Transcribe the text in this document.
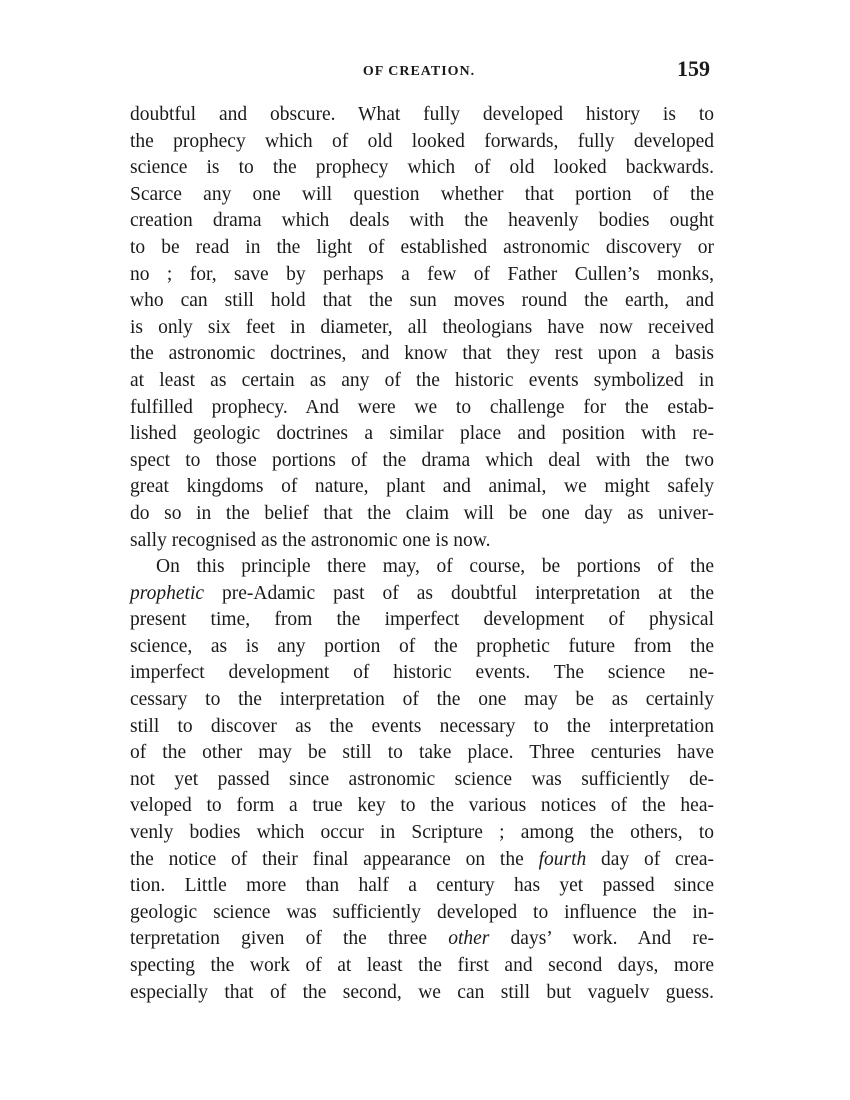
OF CREATION.	159
doubtful and obscure. What fully developed history is to
the prophecy which of old looked forwards, fully developed
science is to the prophecy which of old looked backwards.
Scarce any one will question whether that portion of the
creation drama which deals with the heavenly bodies ought
to be read in the light of established astronomic discovery or
no ; for, save by perhaps a few of Father Cullen’s monks,
who can still hold that the sun moves round the earth, and
is only six feet in diameter, all theologians have now received
the astronomic doctrines, and know that they rest upon a basis
at least as certain as any of the historic events symbolized in
fulfilled prophecy. And were we to challenge for the estab-
lished geologic doctrines a similar place and position with re-
spect to those portions of the drama which deal with the two
great kingdoms of nature, plant and animal, we might safely
do so in the belief that the claim will be one day as univer-
sally recognised as the astronomic one is now.
On this principle there may, of course, be portions of the
prophetic pre-Adamic past of as doubtful interpretation at the
present time, from the imperfect development of physical
science, as is any portion of the prophetic future from the
imperfect development of historic events. The science ne-
cessary to the interpretation of the one may be as certainly
still to discover as the events necessary to the interpretation
of the other may be still to take place. Three centuries have
not yet passed since astronomic science was sufficiently de-
veloped to form a true key to the various notices of the hea-
venly bodies which occur in Scripture ; among the others, to
the notice of their final appearance on the fourth day of crea-
tion. Little more than half a century has yet passed since
geologic science was sufficiently developed to influence the in-
terpretation given of the three other days’ work. And re-
specting the work of at least the first and second days, more
especially that of the second, we can still but vaguelv guess.
